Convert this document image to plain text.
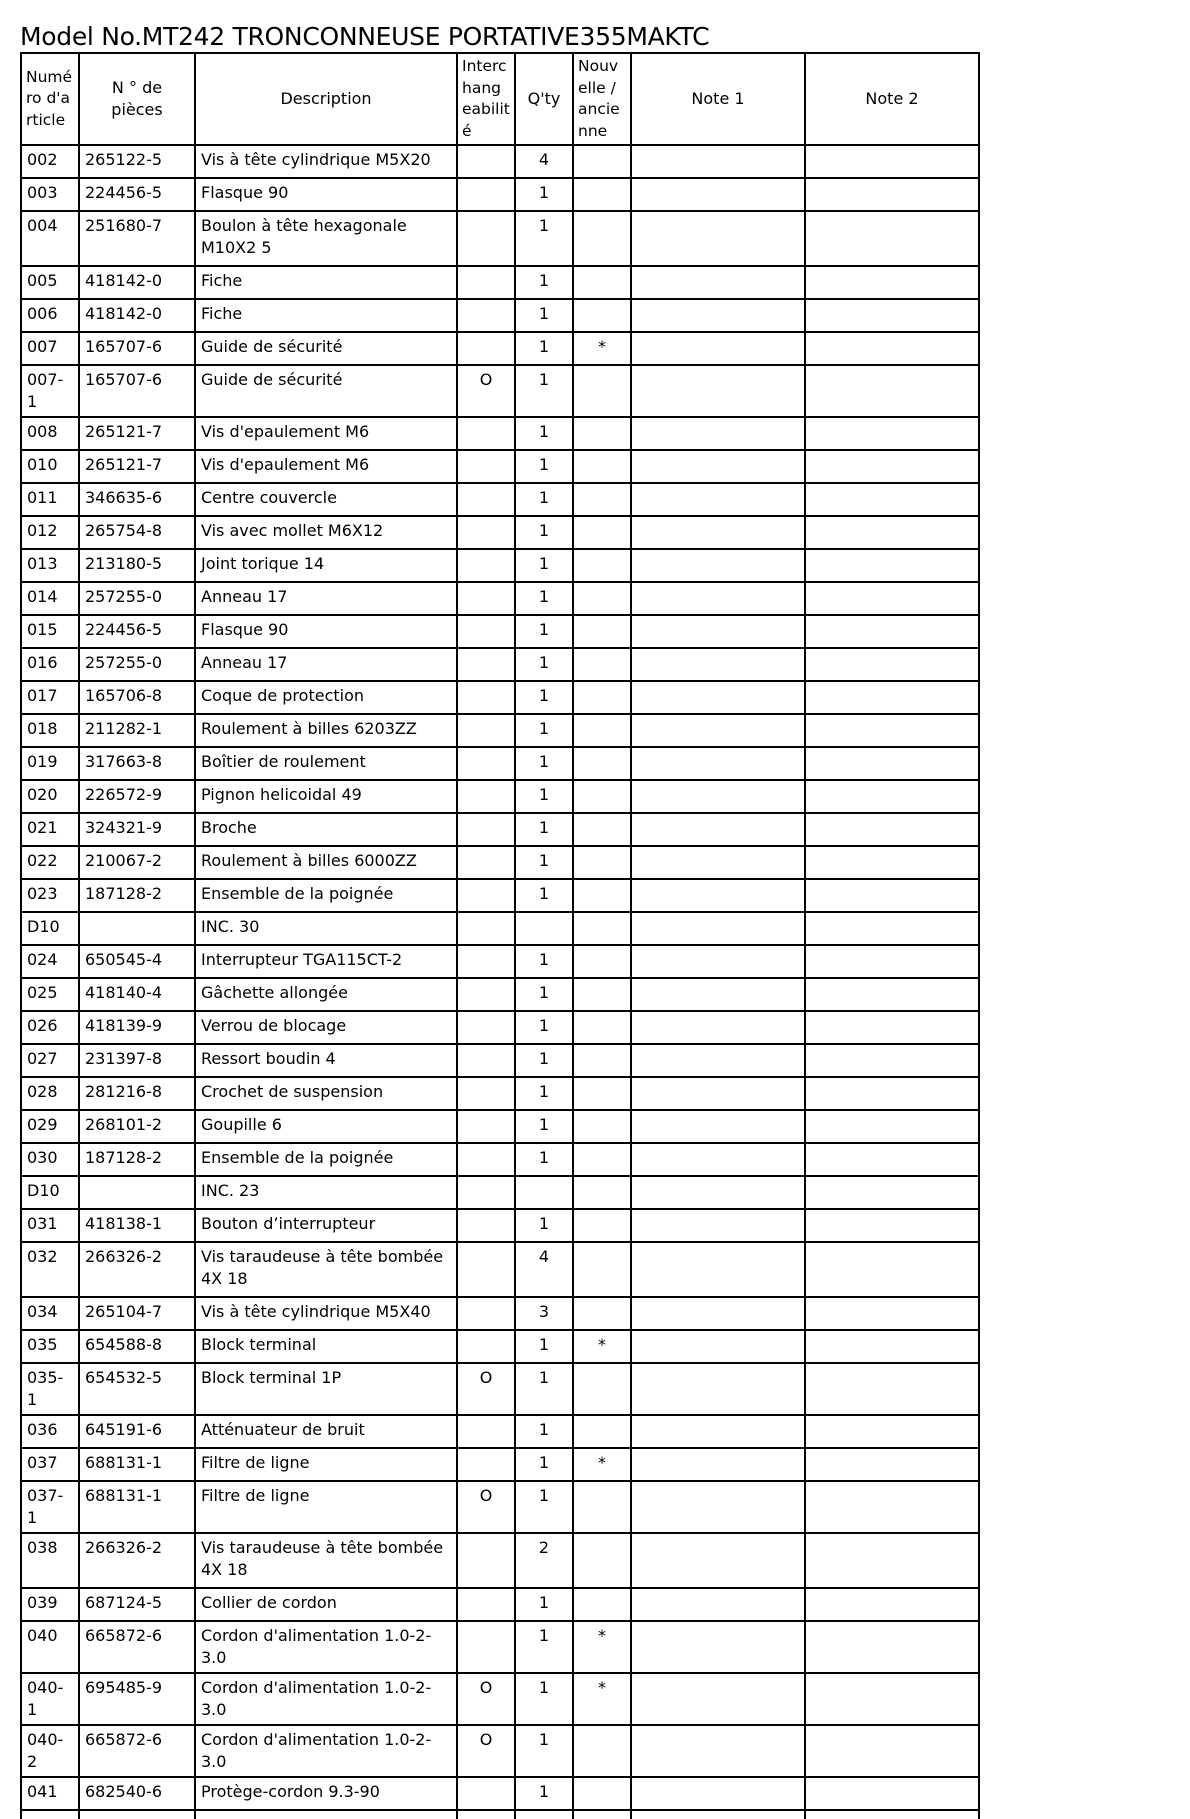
Model No.MT242 TRONCONNEUSE PORTATIVE355MAKTC
Numé ro d'a rticle	N ° de pièces	Description	Interc hang eabilit é	Q'ty	Nouv elle / ancie nne	Note 1	Note 2
002	265122-5	Vis à tête cylindrique M5X20		4			
003	224456-5	Flasque 90		1			
004	251680-7	Boulon à tête hexagonale M10X2 5		1			
005	418142-0	Fiche		1			
006	418142-0	Fiche		1			
007	165707-6	Guide de sécurité		1	*		
007-1	165707-6	Guide de sécurité	O	1			
008	265121-7	Vis d'epaulement M6		1			
010	265121-7	Vis d'epaulement M6		1			
011	346635-6	Centre couvercle		1			
012	265754-8	Vis avec mollet M6X12		1			
013	213180-5	Joint torique 14		1			
014	257255-0	Anneau 17		1			
015	224456-5	Flasque 90		1			
016	257255-0	Anneau 17		1			
017	165706-8	Coque de protection		1			
018	211282-1	Roulement à billes 6203ZZ		1			
019	317663-8	Boîtier de roulement		1			
020	226572-9	Pignon helicoidal 49		1			
021	324321-9	Broche		1			
022	210067-2	Roulement à billes 6000ZZ		1			
023	187128-2	Ensemble de la poignée		1			
D10		INC. 30					
024	650545-4	Interrupteur TGA115CT-2		1			
025	418140-4	Gâchette allongée		1			
026	418139-9	Verrou de blocage		1			
027	231397-8	Ressort boudin 4		1			
028	281216-8	Crochet de suspension		1			
029	268101-2	Goupille 6		1			
030	187128-2	Ensemble de la poignée		1			
D10		INC. 23					
031	418138-1	Bouton d’interrupteur		1			
032	266326-2	Vis taraudeuse à tête bombée 4X 18		4			
034	265104-7	Vis à tête cylindrique M5X40		3			
035	654588-8	Block terminal		1	*		
035-1	654532-5	Block terminal 1P	O	1			
036	645191-6	Atténuateur de bruit		1			
037	688131-1	Filtre de ligne		1	*		
037-1	688131-1	Filtre de ligne	O	1			
038	266326-2	Vis taraudeuse à tête bombée 4X 18		2			
039	687124-5	Collier de cordon		1			
040	665872-6	Cordon d'alimentation 1.0-2-3.0		1	*		
040-1	695485-9	Cordon d'alimentation 1.0-2-3.0	O	1	*		
040-2	665872-6	Cordon d'alimentation 1.0-2-3.0	O	1			
041	682540-6	Protège-cordon 9.3-90		1			
